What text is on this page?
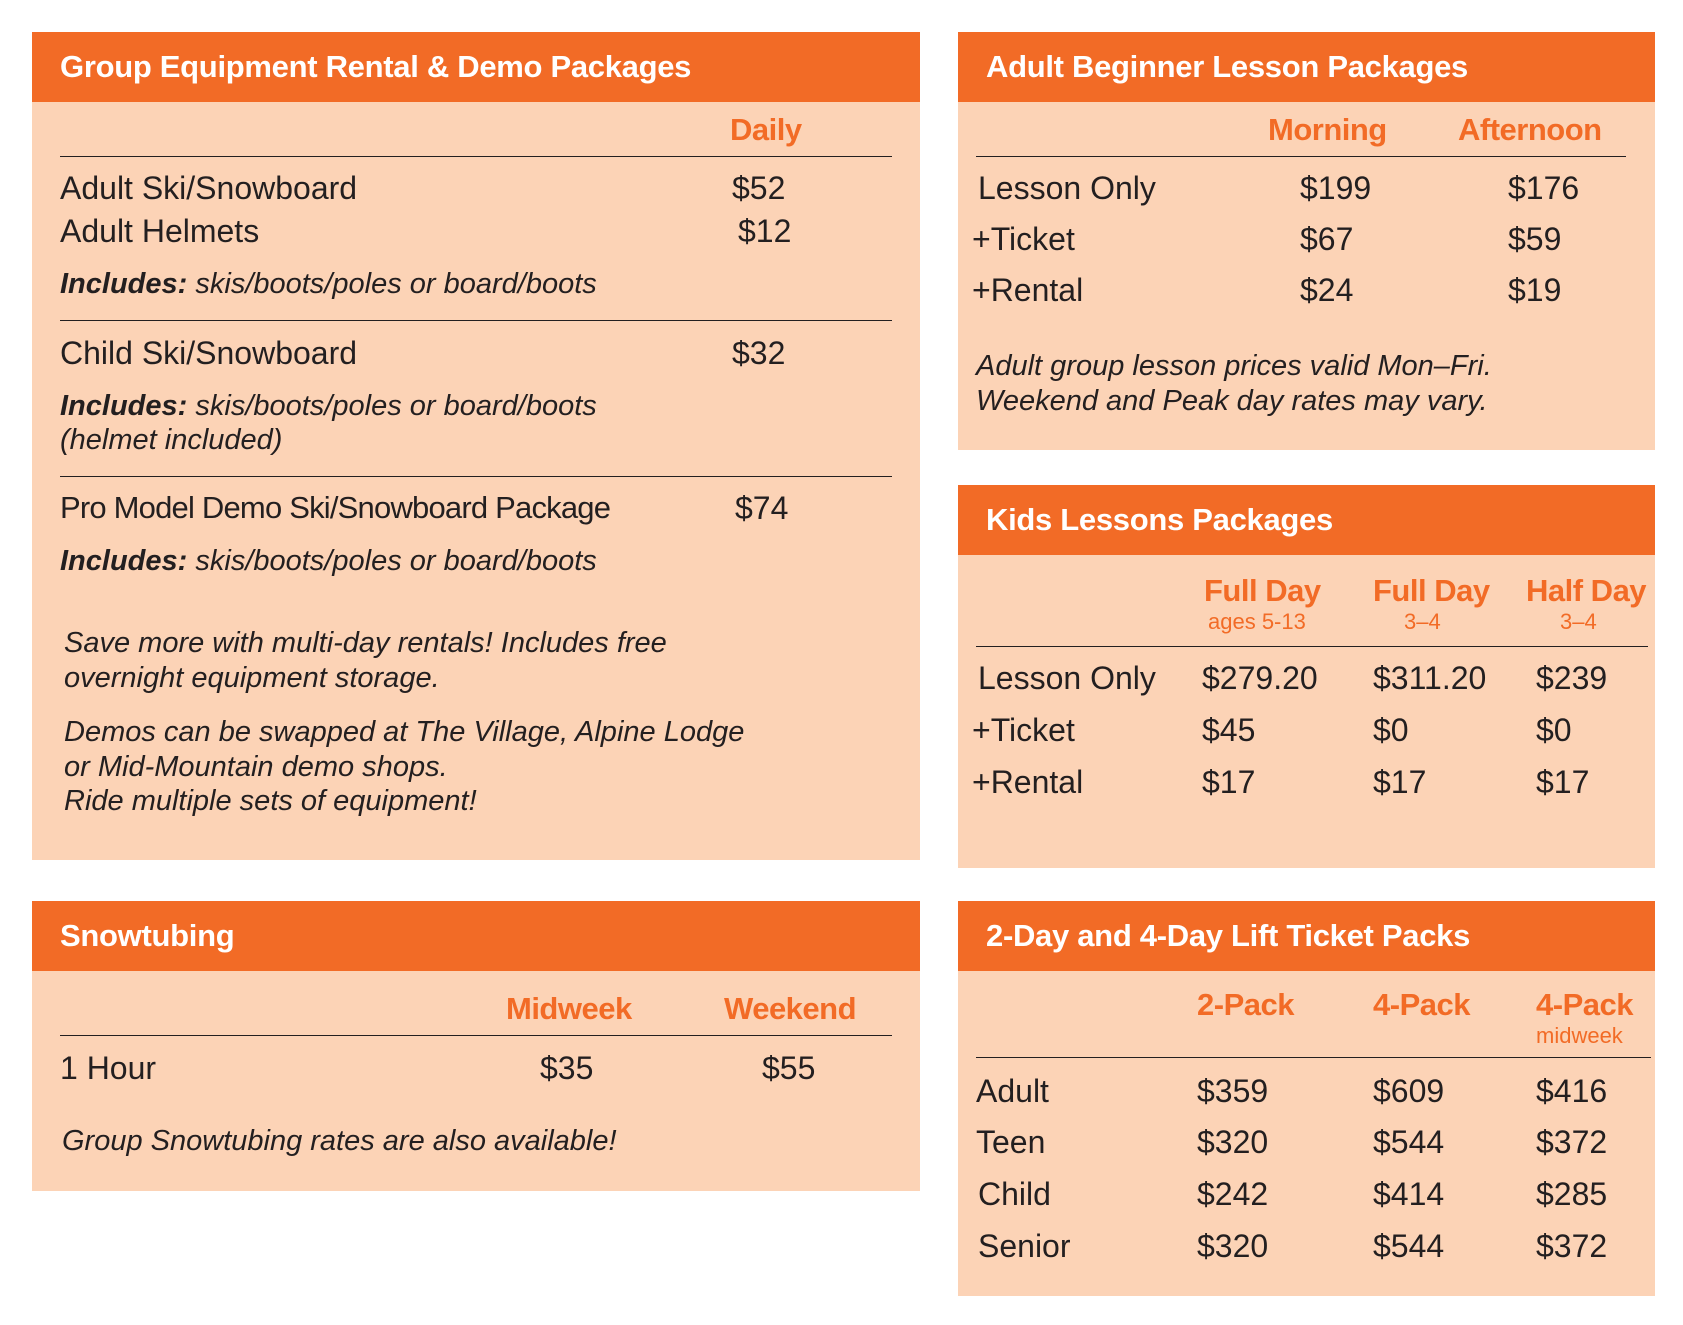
Group Equipment Rental & Demo Packages
Daily
Adult Ski/Snowboard	$52
Adult Helmets	$12
Includes: skis/boots/poles or board/boots
Child Ski/Snowboard	$32
Includes: skis/boots/poles or board/boots
(helmet included)
Pro Model Demo Ski/Snowboard Package	$74
Includes: skis/boots/poles or board/boots
Save more with multi-day rentals! Includes free
overnight equipment storage.
Demos can be swapped at The Village, Alpine Lodge
or Mid-Mountain demo shops.
Ride multiple sets of equipment!
Adult Beginner Lesson Packages
Morning Afternoon
Lesson Only	$199	$176
+Ticket	$67	$59
+Rental	$24	$19
Adult group lesson prices valid Mon–Fri.
Weekend and Peak day rates may vary.
Kids Lessons Packages
Full Day
ages 5-13
Full Day
3–4
Half Day
3–4
Lesson Only $279.20 $311.20 $239
+Ticket	$45	$0	$0
+Rental	$17	$17	$17
Snowtubing
Midweek	Weekend
1 Hour	$35	$55
Group Snowtubing rates are also available!
2-Day and 4-Day Lift Ticket Packs
2-Pack	4-Pack 4-Pack
midweek
Adult	$359	$609	$416
Teen	$320	$544	$372
Child	$242	$414	$285
Senior	$320	$544	$372
